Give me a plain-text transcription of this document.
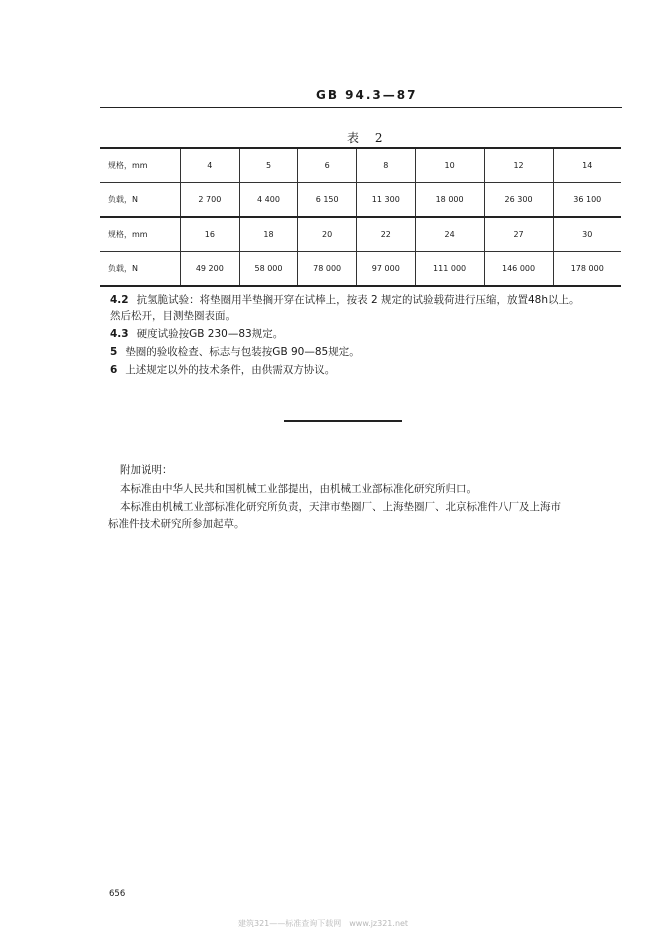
GB 94.3—87
表 2
规格，mm	4	5	6	8	10	12	14
负载，N	2 700	4 400	6 150	11 300	18 000	26 300	36 100
规格，mm	16	18	20	22	24	27	30
负载，N	49 200	58 000	78 000	97 000	111 000	146 000	178 000
4.2 抗氢脆试验：将垫圈用半垫搁开穿在试棒上，按表 2 规定的试验载荷进行压缩，放置48h以上。
然后松开，目测垫圈表面。
4.3 硬度试验按GB 230—83规定。
5 垫圈的验收检查、标志与包装按GB 90—85规定。
6 上述规定以外的技术条件，由供需双方协议。
附加说明：
本标准由中华人民共和国机械工业部提出，由机械工业部标准化研究所归口。
本标准由机械工业部标准化研究所负责，天津市垫圈厂、上海垫圈厂、北京标准件八厂及上海市
标准件技术研究所参加起草。
656
建筑321——标准查询下载网　www.jz321.net
